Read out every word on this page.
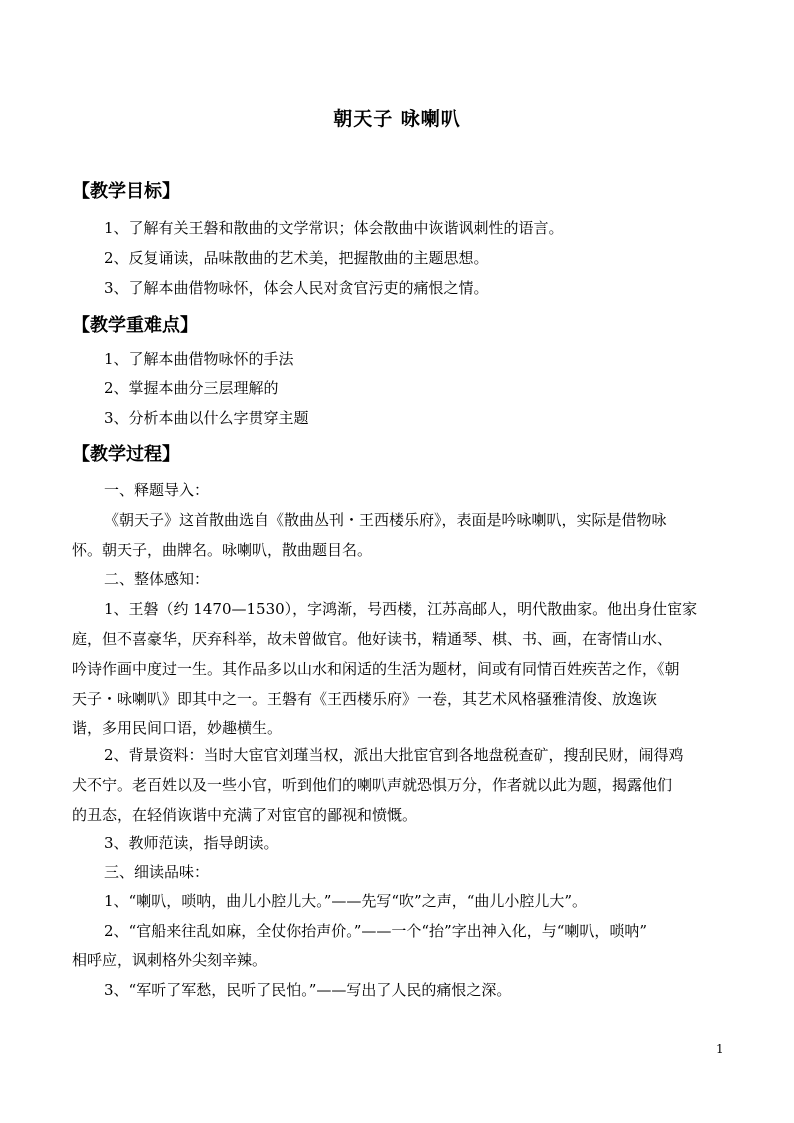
朝天子 咏喇叭
【教学目标】
1、了解有关王磐和散曲的文学常识；体会散曲中诙谐讽刺性的语言。
2、反复诵读，品味散曲的艺术美，把握散曲的主题思想。
3、了解本曲借物咏怀，体会人民对贪官污吏的痛恨之情。
【教学重难点】
1、了解本曲借物咏怀的手法
2、掌握本曲分三层理解的
3、分析本曲以什么字贯穿主题
【教学过程】
一、释题导入：
《朝天子》这首散曲选自《散曲丛刊・王西楼乐府》，表面是吟咏喇叭，实际是借物咏
怀。朝天子，曲牌名。咏喇叭，散曲题目名。
二、整体感知：
1、王磐（约 1470—1530），字鸿渐，号西楼，江苏高邮人，明代散曲家。他出身仕宦家
庭，但不喜豪华，厌弃科举，故未曾做官。他好读书，精通琴、棋、书、画，在寄情山水、
吟诗作画中度过一生。其作品多以山水和闲适的生活为题材，间或有同情百姓疾苦之作，《朝
天子・咏喇叭》即其中之一。王磐有《王西楼乐府》一卷，其艺术风格骚雅清俊、放逸诙
谐，多用民间口语，妙趣横生。
2、背景资料：当时大宦官刘瑾当权，派出大批宦官到各地盘税查矿，搜刮民财，闹得鸡
犬不宁。老百姓以及一些小官，听到他们的喇叭声就恐惧万分，作者就以此为题，揭露他们
的丑态，在轻俏诙谐中充满了对宦官的鄙视和愤慨。
3、教师范读，指导朗读。
三、细读品味：
1、“喇叭，唢呐，曲儿小腔儿大。”——先写“吹”之声，“曲儿小腔儿大”。
2、“官船来往乱如麻，全仗你抬声价。”——一个“抬”字出神入化，与“喇叭，唢呐”
相呼应，讽刺格外尖刻辛辣。
3、“军听了军愁，民听了民怕。”——写出了人民的痛恨之深。
1
